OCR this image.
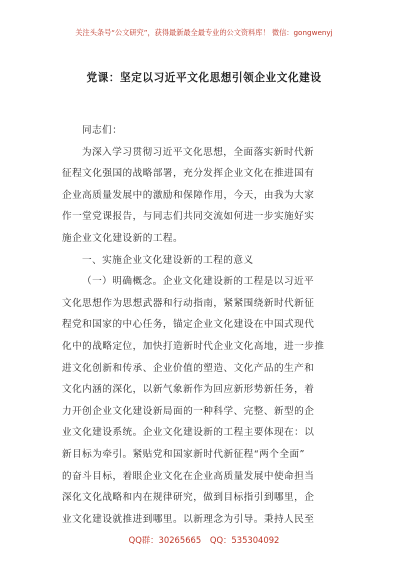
关注头条号“公文研究”，获得最新最全最专业的公文资料库！ 微信：gongwenyj
党课：坚定以习近平文化思想引领企业文化建设
同志们：
为深入学习贯彻习近平文化思想，全面落实新时代新
征程文化强国的战略部署，充分发挥企业文化在推进国有
企业高质量发展中的激励和保障作用，今天，由我为大家
作一堂党课报告，与同志们共同交流如何进一步实施好实
施企业文化建设新的工程。
一、实施企业文化建设新的工程的意义
（一）明确概念。企业文化建设新的工程是以习近平
文化思想作为思想武器和行动指南，紧紧围绕新时代新征
程党和国家的中心任务，锚定企业文化建设在中国式现代
化中的战略定位，加快打造新时代企业文化高地，进一步推
进文化创新和传承、企业价值的塑造、文化产品的生产和
文化内涵的深化，以新气象新作为回应新形势新任务，着
力开创企业文化建设新局面的一种科学、完整、新型的企
业文化建设系统。企业文化建设新的工程主要体现在：以
新目标为牵引。紧贴党和国家新时代新征程“两个全面”
的奋斗目标，着眼企业文化在企业高质量发展中使命担当
深化文化战略和内在规律研究，做到目标指引到哪里，企
业文化建设就推进到哪里。以新理念为引导。秉持人民至
QQ群：30265665 QQ：535304092
